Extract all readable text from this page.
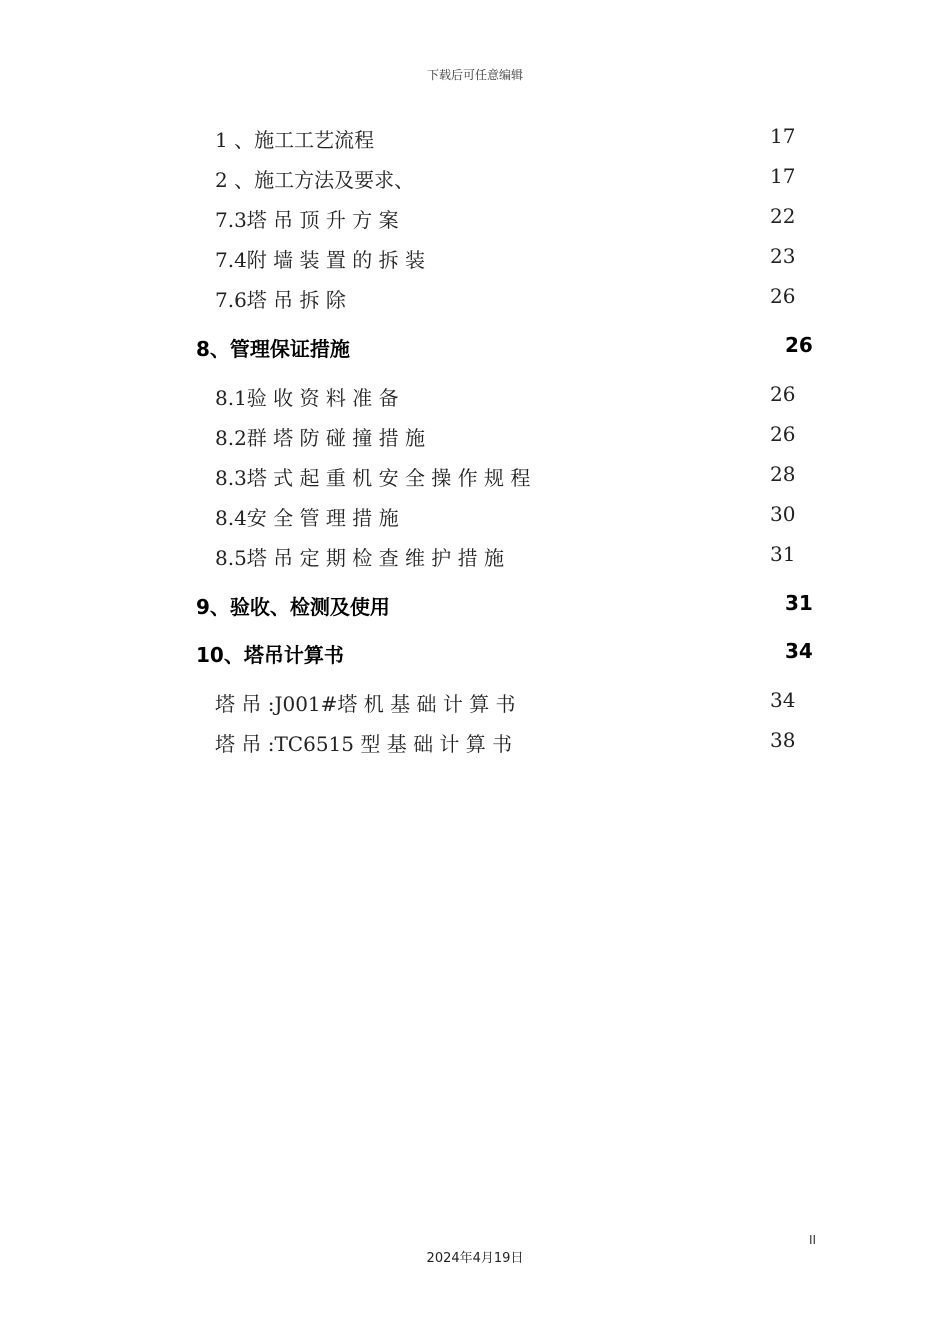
下载后可任意编辑
1 、施工工艺流程	17
2 、施工方法及要求、	17
7.3塔 吊 顶 升 方 案	22
7.4附 墙 装 置 的 拆 装	23
7.6塔 吊 拆 除	26
8、管理保证措施	26
8.1验 收 资 料 准 备	26
8.2群 塔 防 碰 撞 措 施	26
8.3塔 式 起 重 机 安 全 操 作 规 程	28
8.4安 全 管 理 措 施	30
8.5塔 吊 定 期 检 查 维 护 措 施	31
9、验收、检测及使用	31
10、塔吊计算书	34
塔 吊 :J001#塔 机 基 础 计 算 书	34
塔 吊 :TC6515 型 基 础 计 算 书	38
II
2024年4月19日
